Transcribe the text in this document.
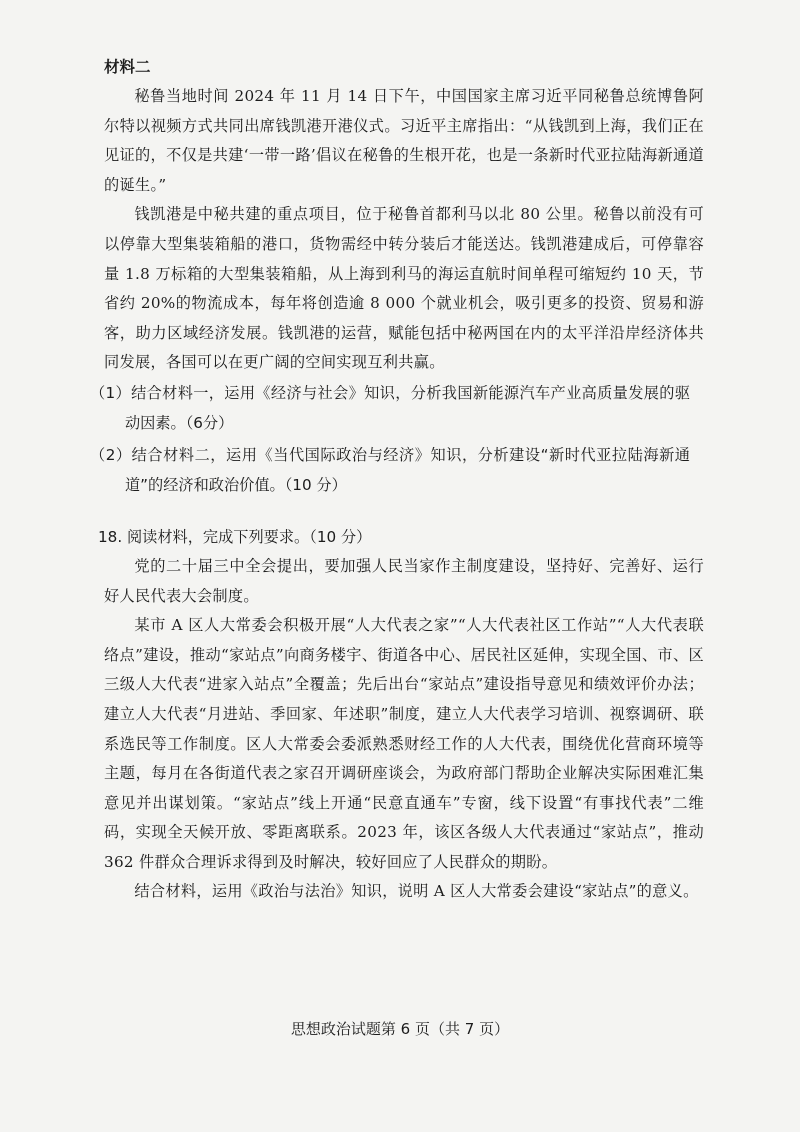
材料二

秘鲁当地时间 2024 年 11 月 14 日下午，中国国家主席习近平同秘鲁总统博鲁阿尔特以视频方式共同出席钱凯港开港仪式。习近平主席指出：“从钱凯到上海，我们正在见证的，不仅是共建‘一带一路’倡议在秘鲁的生根开花，也是一条新时代亚拉陆海新通道的诞生。”

钱凯港是中秘共建的重点项目，位于秘鲁首都利马以北 80 公里。秘鲁以前没有可以停靠大型集装箱船的港口，货物需经中转分装后才能送达。钱凯港建成后，可停靠容量 1.8 万标箱的大型集装箱船，从上海到利马的海运直航时间单程可缩短约 10 天，节省约 20%的物流成本，每年将创造逾 8 000 个就业机会，吸引更多的投资、贸易和游客，助力区域经济发展。钱凯港的运营，赋能包括中秘两国在内的太平洋沿岸经济体共同发展，各国可以在更广阔的空间实现互利共赢。

（1）结合材料一，运用《经济与社会》知识，分析我国新能源汽车产业高质量发展的驱动因素。（6分）

（2）结合材料二，运用《当代国际政治与经济》知识，分析建设“新时代亚拉陆海新通道”的经济和政治价值。（10 分）

18. 阅读材料，完成下列要求。（10 分）

党的二十届三中全会提出，要加强人民当家作主制度建设，坚持好、完善好、运行好人民代表大会制度。

某市 A 区人大常委会积极开展“人大代表之家”“人大代表社区工作站”“人大代表联络点”建设，推动“家站点”向商务楼宇、街道各中心、居民社区延伸，实现全国、市、区三级人大代表“进家入站点”全覆盖；先后出台“家站点”建设指导意见和绩效评价办法；建立人大代表“月进站、季回家、年述职”制度，建立人大代表学习培训、视察调研、联系选民等工作制度。区人大常委会委派熟悉财经工作的人大代表，围绕优化营商环境等主题，每月在各街道代表之家召开调研座谈会，为政府部门帮助企业解决实际困难汇集意见并出谋划策。“家站点”线上开通“民意直通车”专窗，线下设置“有事找代表”二维码，实现全天候开放、零距离联系。2023 年，该区各级人大代表通过“家站点”，推动 362 件群众合理诉求得到及时解决，较好回应了人民群众的期盼。

结合材料，运用《政治与法治》知识，说明 A 区人大常委会建设“家站点”的意义。

思想政治试题第 6 页（共 7 页）
